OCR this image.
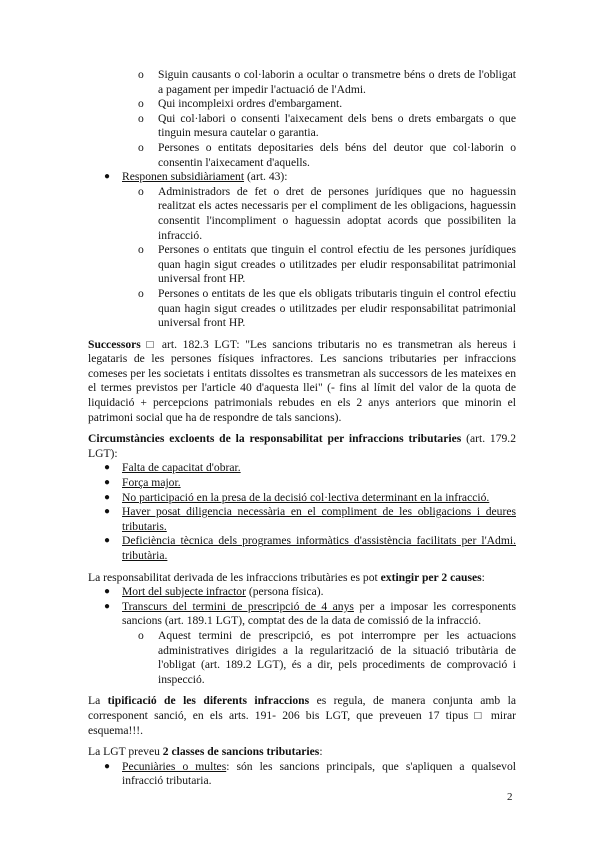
o Siguin causants o col·laborin a ocultar o transmetre béns o drets de l'obligat a pagament per impedir l'actuació de l'Admi.
o Qui incompleixi ordres d'embargament.
o Qui col·labori o consenti l'aixecament dels bens o drets embargats o que tinguin mesura cautelar o garantia.
o Persones o entitats depositaries dels béns del deutor que col·laborin o consentin l'aixecament d'aquells.
● Responen subsidiàriament (art. 43):
o Administradors de fet o dret de persones jurídiques que no haguessin realitzat els actes necessaris per el compliment de les obligacions, haguessin consentit l'incompliment o haguessin adoptat acords que possibiliten la infracció.
o Persones o entitats que tinguin el control efectiu de les persones jurídiques quan hagin sigut creades o utilitzades per eludir responsabilitat patrimonial universal front HP.
o Persones o entitats de les que els obligats tributaris tinguin el control efectiu quan hagin sigut creades o utilitzades per eludir responsabilitat patrimonial universal front HP.

Successors □ art. 182.3 LGT: "Les sancions tributaris no es transmetran als hereus i legataris de les persones físiques infractores. Les sancions tributaries per infraccions comeses per les societats i entitats dissoltes es transmetran als successors de les mateixes en el termes previstos per l'article 40 d'aquesta llei" (- fins al límit del valor de la quota de liquidació + percepcions patrimonials rebudes en els 2 anys anteriors que minorin el patrimoni social que ha de respondre de tals sancions).

Circumstàncies excloents de la responsabilitat per infraccions tributaries (art. 179.2 LGT):

● Falta de capacitat d'obrar.
● Força major.
● No participació en la presa de la decisió col·lectiva determinant en la infracció.
● Haver posat diligencia necessària en el compliment de les obligacions i deures tributaris.
● Deficiència tècnica dels programes informàtics d'assistència facilitats per l'Admi. tributària.

La responsabilitat derivada de les infraccions tributàries es pot extingir per 2 causes:

● Mort del subjecte infractor (persona física).
● Transcurs del termini de prescripció de 4 anys per a imposar les corresponents sancions (art. 189.1 LGT), comptat des de la data de comissió de la infracció.
o Aquest termini de prescripció, es pot interrompre per les actuacions administratives dirigides a la regularització de la situació tributària de l'obligat (art. 189.2 LGT), és a dir, pels procediments de comprovació i inspecció.

La tipificació de les diferents infraccions es regula, de manera conjunta amb la corresponent sanció, en els arts. 191- 206 bis LGT, que preveuen 17 tipus □ mirar esquema!!!.

La LGT preveu 2 classes de sancions tributaries:

● Pecuniàries o multes: són les sancions principals, que s'apliquen a qualsevol infracció tributaria.
2
